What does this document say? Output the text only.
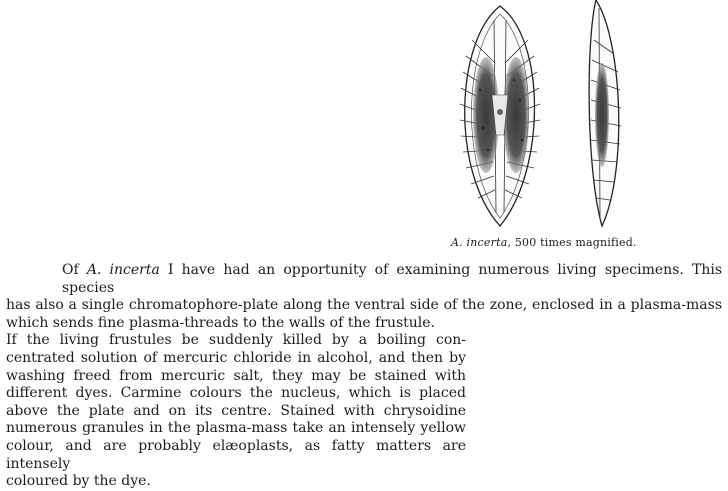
A. incerta, 500 times magnified.
Of A. incerta I have had an opportunity of examining numerous living specimens. This species
has also a single chromatophore-plate along the ventral side of the zone, enclosed in a plasma-mass
which sends fine plasma-threads to the walls of the frustule.
If the living frustules be suddenly killed by a boiling con-
centrated solution of mercuric chloride in alcohol, and then by
washing freed from mercuric salt, they may be stained with
different dyes. Carmine colours the nucleus, which is placed
above the plate and on its centre. Stained with chrysoidine
numerous granules in the plasma-mass take an intensely yellow
colour, and are probably elæoplasts, as fatty matters are intensely
coloured by the dye.
